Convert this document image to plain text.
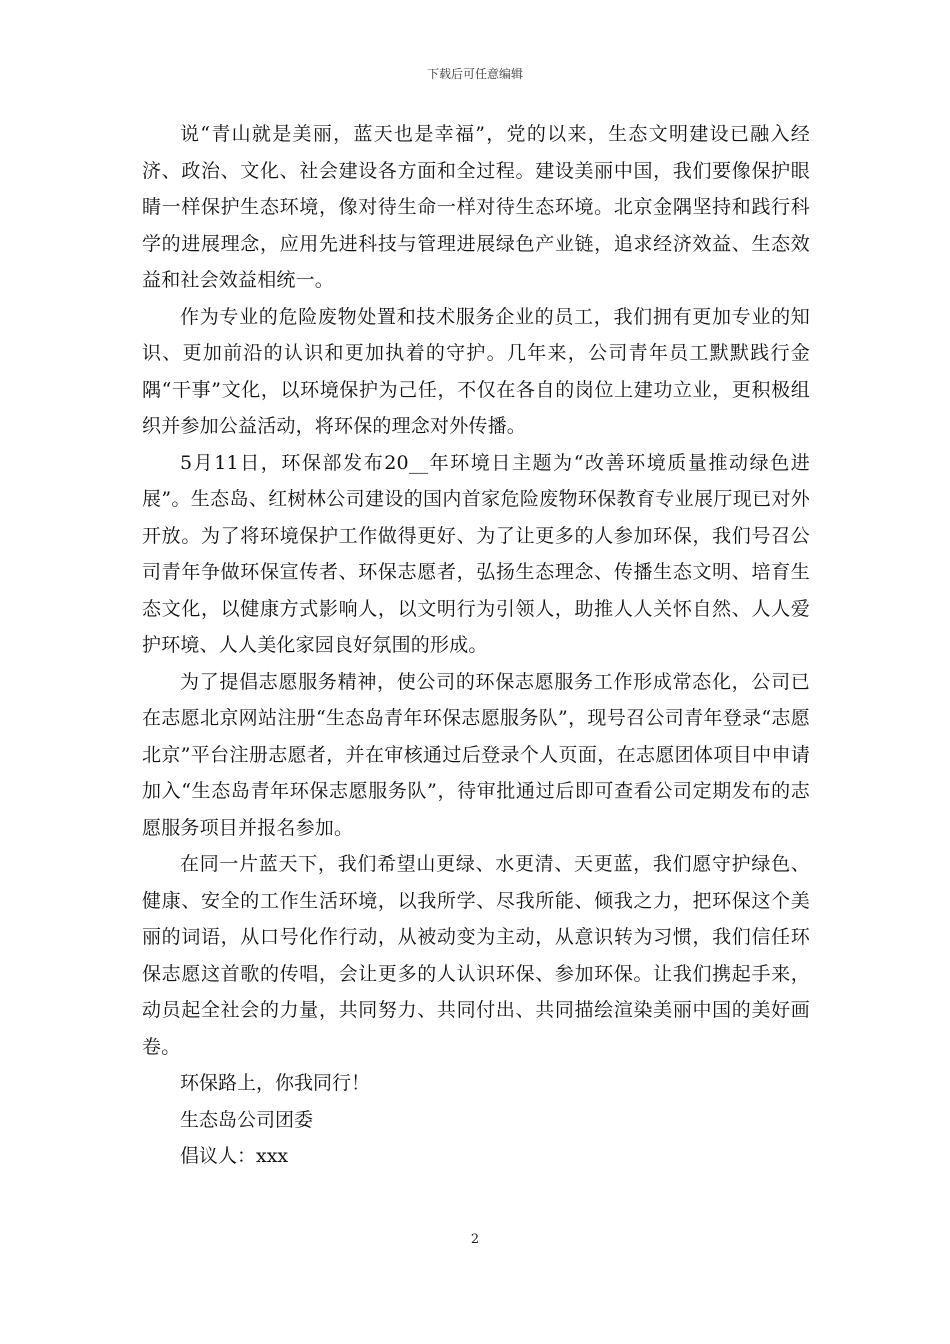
下载后可任意编辑

说“青山就是美丽，蓝天也是幸福”，党的以来，生态文明建设已融入经济、政治、文化、社会建设各方面和全过程。建设美丽中国，我们要像保护眼睛一样保护生态环境，像对待生命一样对待生态环境。北京金隅坚持和践行科学的进展理念，应用先进科技与管理进展绿色产业链，追求经济效益、生态效益和社会效益相统一。

作为专业的危险废物处置和技术服务企业的员工，我们拥有更加专业的知识、更加前沿的认识和更加执着的守护。几年来，公司青年员工默默践行金隅“干事”文化，以环境保护为己任，不仅在各自的岗位上建功立业，更积极组织并参加公益活动，将环保的理念对外传播。

5月11日，环保部发布20__年环境日主题为“改善环境质量推动绿色进展”。生态岛、红树林公司建设的国内首家危险废物环保教育专业展厅现已对外开放。为了将环境保护工作做得更好、为了让更多的人参加环保，我们号召公司青年争做环保宣传者、环保志愿者，弘扬生态理念、传播生态文明、培育生态文化，以健康方式影响人，以文明行为引领人，助推人人关怀自然、人人爱护环境、人人美化家园良好氛围的形成。

为了提倡志愿服务精神，使公司的环保志愿服务工作形成常态化，公司已在志愿北京网站注册“生态岛青年环保志愿服务队”，现号召公司青年登录“志愿北京”平台注册志愿者，并在审核通过后登录个人页面，在志愿团体项目中申请加入“生态岛青年环保志愿服务队”，待审批通过后即可查看公司定期发布的志愿服务项目并报名参加。

在同一片蓝天下，我们希望山更绿、水更清、天更蓝，我们愿守护绿色、健康、安全的工作生活环境，以我所学、尽我所能、倾我之力，把环保这个美丽的词语，从口号化作行动，从被动变为主动，从意识转为习惯，我们信任环保志愿这首歌的传唱，会让更多的人认识环保、参加环保。让我们携起手来，动员起全社会的力量，共同努力、共同付出、共同描绘渲染美丽中国的美好画卷。

环保路上，你我同行！

生态岛公司团委

倡议人：xxx

2
